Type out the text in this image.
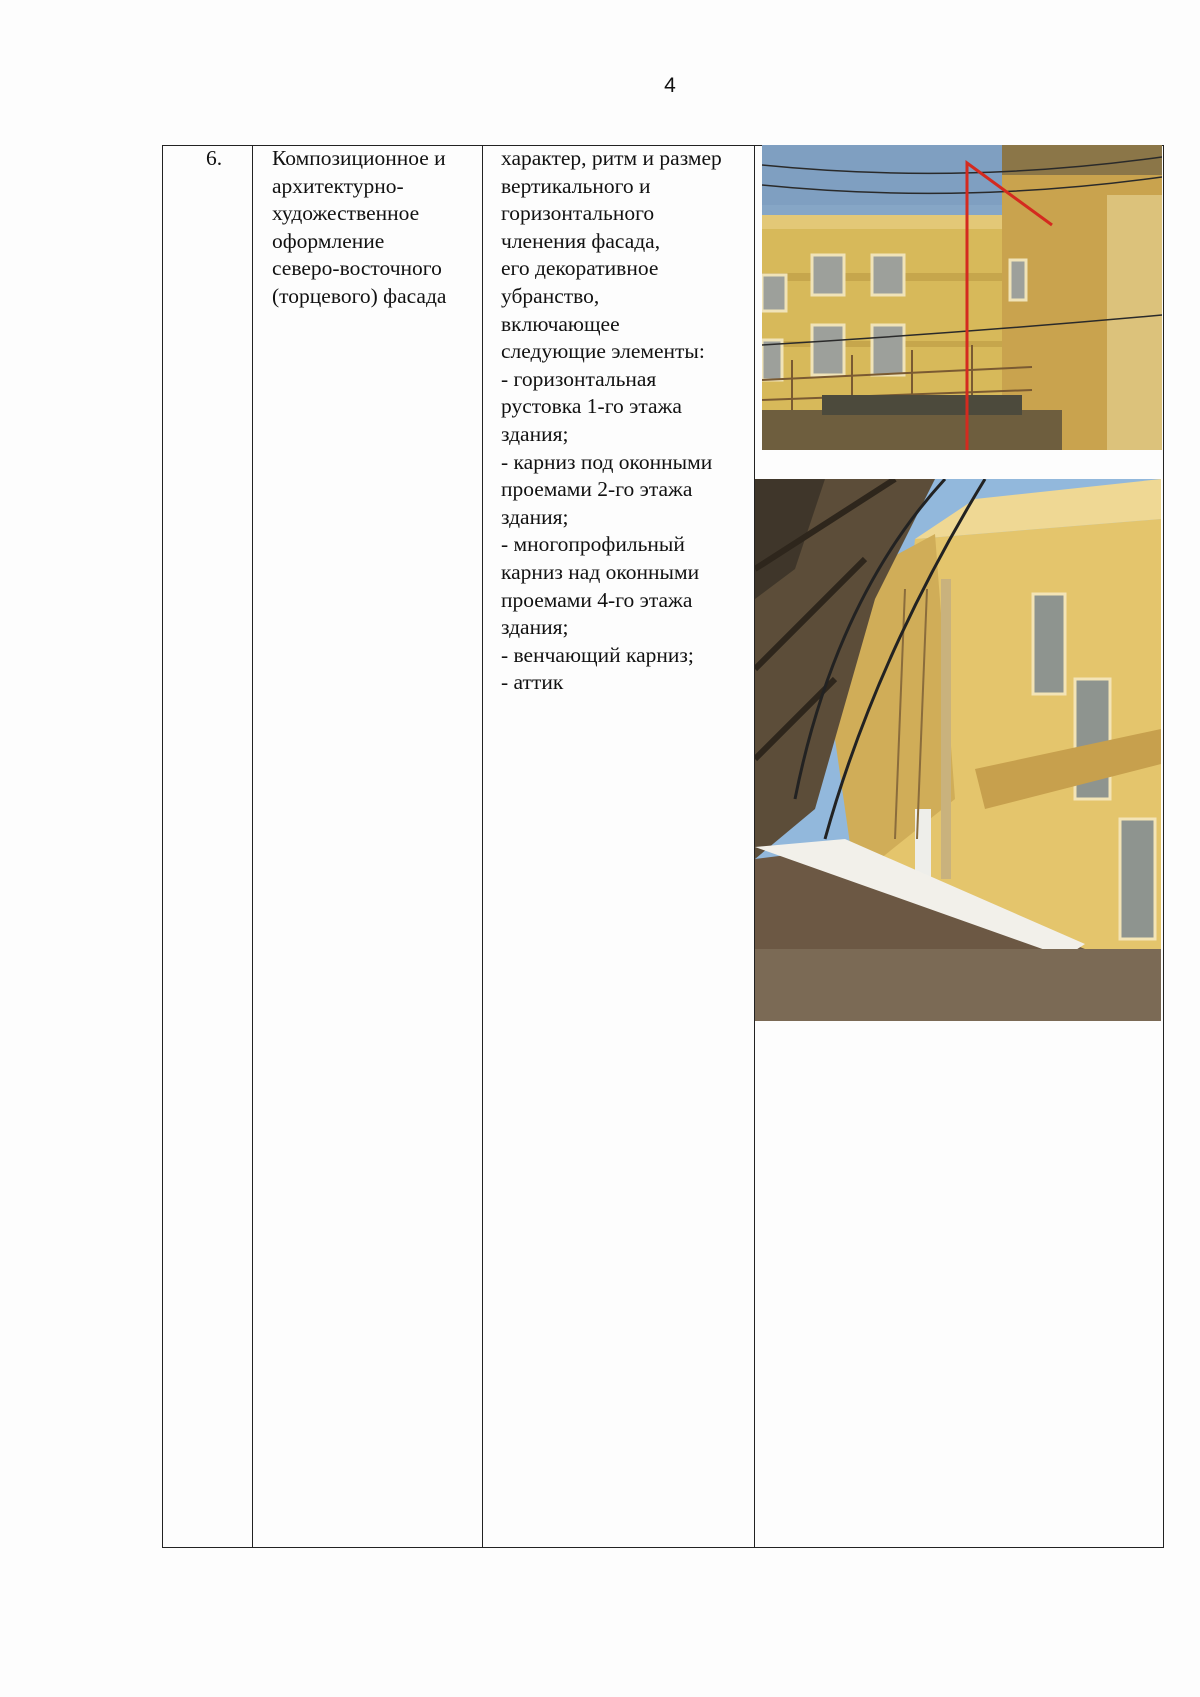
4
6. Композиционное и
архитектурно-
художественное
оформление
северо-восточного
(торцевого) фасада
характер, ритм и размер
вертикального и
горизонтального
членения фасада,
его декоративное
убранство,
включающее
следующие элементы:
- горизонтальная
рустовка 1-го этажа
здания;
- карниз под оконными
проемами 2-го этажа
здания;
- многопрофильный
карниз над оконными
проемами 4-го этажа
здания;
- венчающий карниз;
- аттик
